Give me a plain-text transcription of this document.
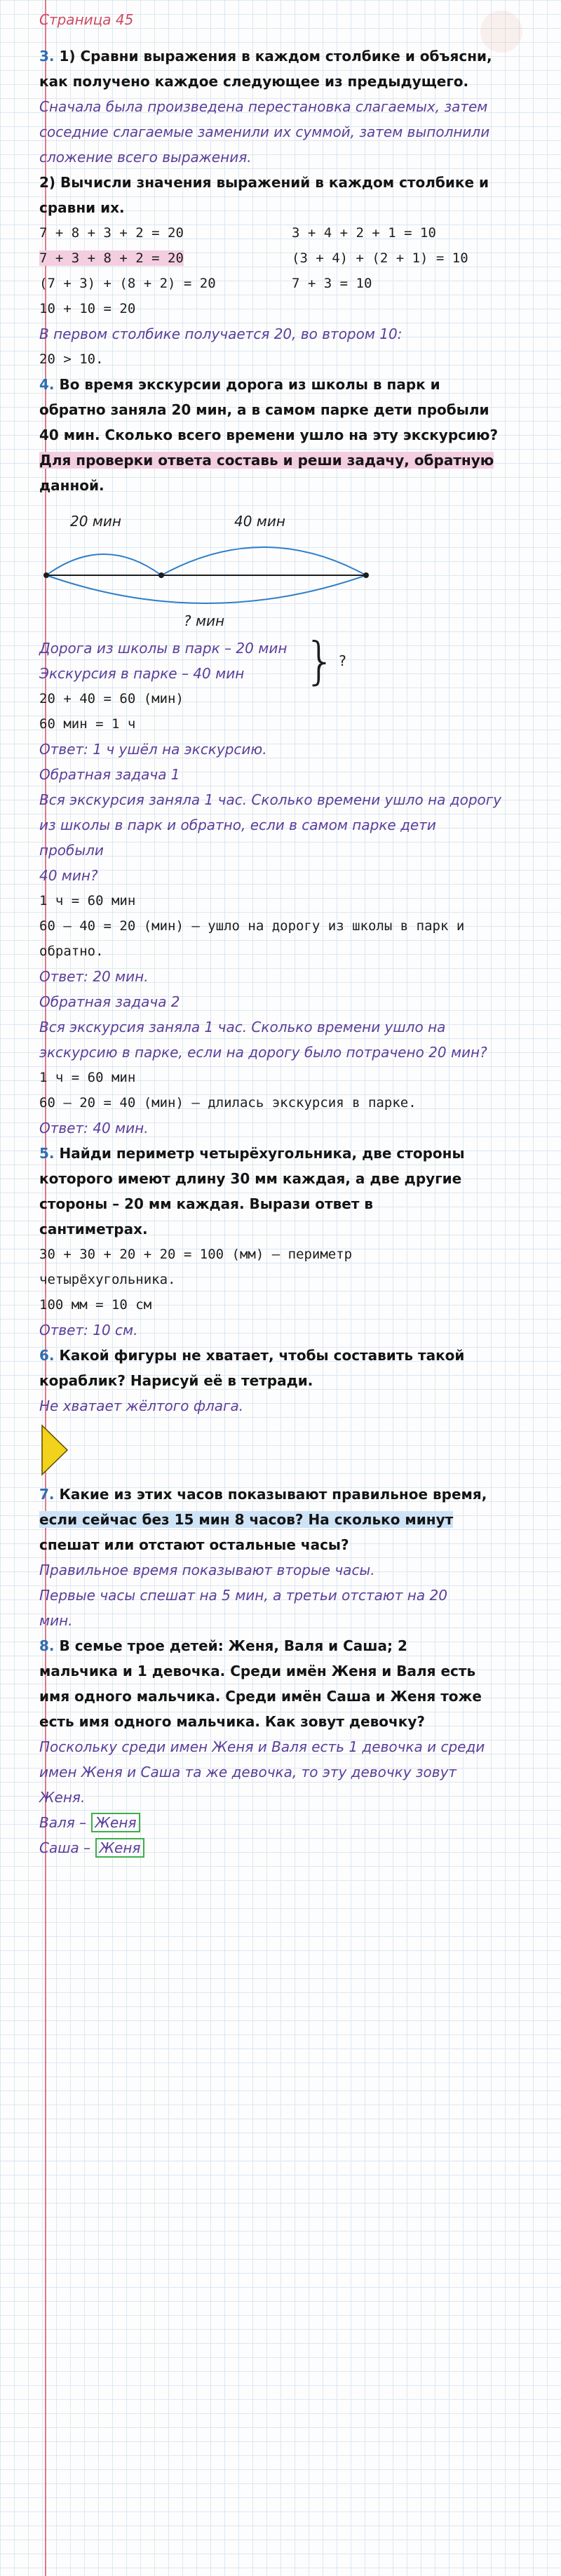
Страница 45

3. 1) Сравни выражения в каждом столбике и объясни,

как получено каждое следующее из предыдущего.

Сначала была произведена перестановка слагаемых, затем

соседние слагаемые заменили их суммой, затем выполнили

сложение всего выражения.

2) Вычисли значения выражений в каждом столбике и

сравни их.

7 + 8 + 3 + 2 = 20	3 + 4 + 2 + 1 = 10

7 + 3 + 8 + 2 = 20	(3 + 4) + (2 + 1) = 10

(7 + 3) + (8 + 2) = 20	7 + 3 = 10

10 + 10 = 20

В первом столбике получается 20, во втором 10:

20 > 10.

4. Во время экскурсии дорога из школы в парк и

обратно заняла 20 мин, а в самом парке дети пробыли

40 мин. Сколько всего времени ушло на эту экскурсию?

Для проверки ответа составь и реши задачу, обратную

данной.

20 мин	40 мин
? мин

Дорога из школы в парк – 20 мин

Экскурсия в парке – 40 мин	} ?

20 + 40 = 60 (мин)

60 мин = 1 ч

Ответ: 1 ч ушёл на экскурсию.

Обратная задача 1

Вся экскурсия заняла 1 час. Сколько времени ушло на дорогу

из школы в парк и обратно, если в самом парке дети пробыли

40 мин?

1 ч = 60 мин

60 – 40 = 20 (мин) – ушло на дорогу из школы в парк и

обратно.

Ответ: 20 мин.

Обратная задача 2

Вся экскурсия заняла 1 час. Сколько времени ушло на

экскурсию в парке, если на дорогу было потрачено 20 мин?

1 ч = 60 мин

60 – 20 = 40 (мин) – длилась экскурсия в парке.

Ответ: 40 мин.

5. Найди периметр четырёхугольника, две стороны

которого имеют длину 30 мм каждая, а две другие

стороны – 20 мм каждая. Вырази ответ в

сантиметрах.

30 + 30 + 20 + 20 = 100 (мм) – периметр

четырёхугольника.

100 мм = 10 см

Ответ: 10 см.

6. Какой фигуры не хватает, чтобы составить такой

кораблик? Нарисуй её в тетради.

Не хватает жёлтого флага.

7. Какие из этих часов показывают правильное время,

если сейчас без 15 мин 8 часов? На сколько минут

спешат или отстают остальные часы?

Правильное время показывают вторые часы.

Первые часы спешат на 5 мин, а третьи отстают на 20

мин.

8. В семье трое детей: Женя, Валя и Саша; 2

мальчика и 1 девочка. Среди имён Женя и Валя есть

имя одного мальчика. Среди имён Саша и Женя тоже

есть имя одного мальчика. Как зовут девочку?

Поскольку среди имен Женя и Валя есть 1 девочка и среди

имен Женя и Саша та же девочка, то эту девочку зовут

Женя.

Валя – Женя

Саша – Женя
